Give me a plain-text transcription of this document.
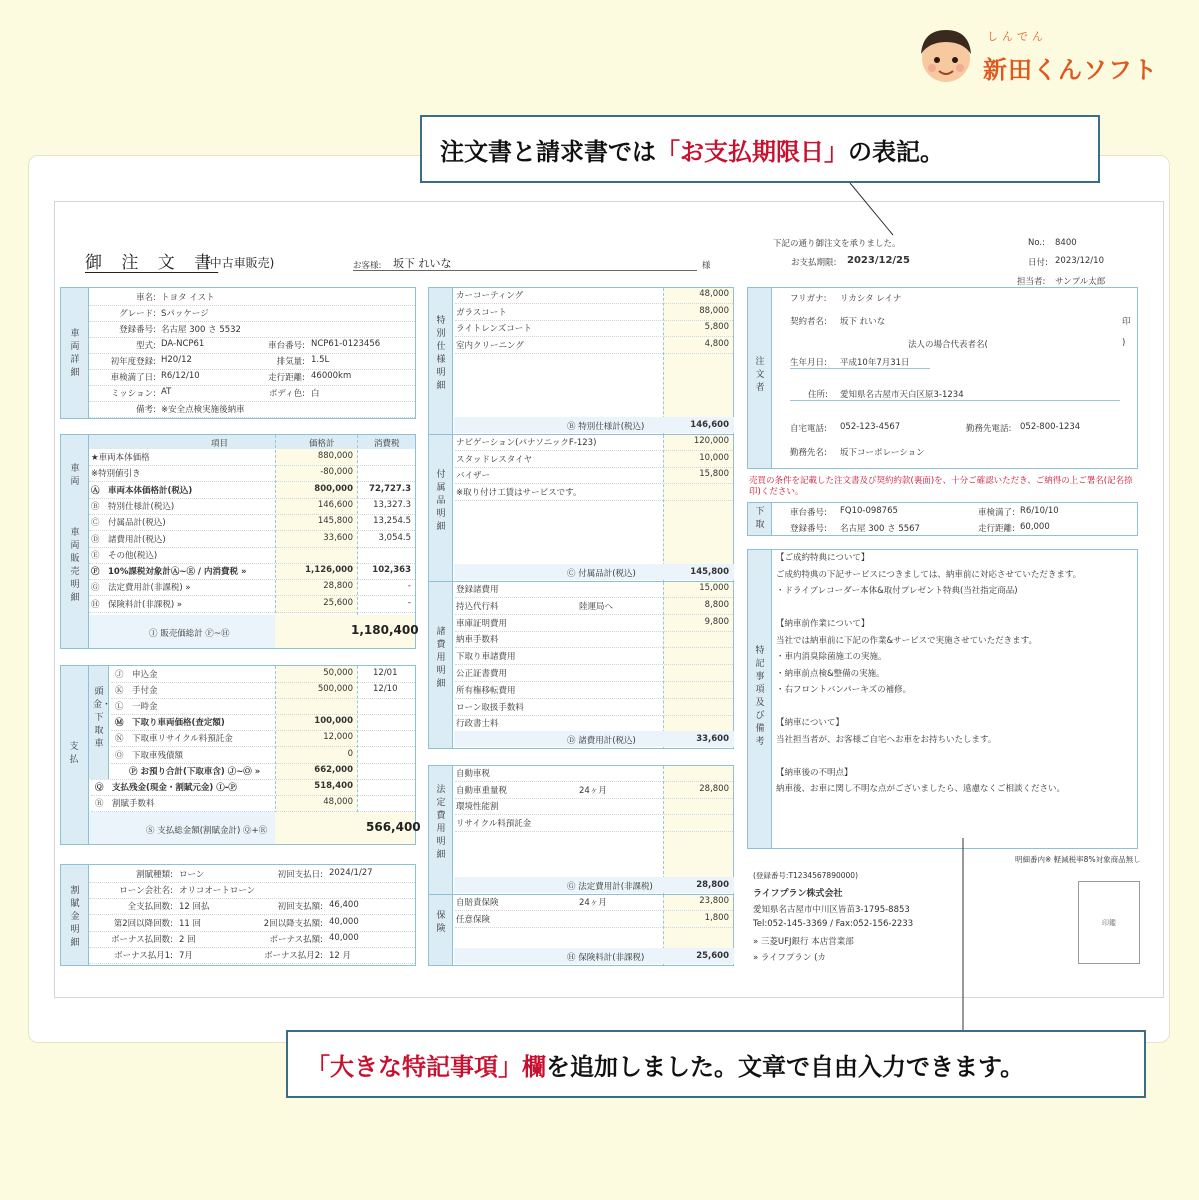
しんでん
新田くんソフト
御 注 文 書
(中古車販売)	お客様: 坂下 れいな	様
下記の通り御注文を承りました。	No.: 8400
お支払期限: 2023/12/25	日付: 2023/12/10
担当者: サンプル太郎
車両詳細
車名: トヨタ イスト
グレード: Sパッケージ
登録番号: 名古屋 300 さ 5532
型式: DA-NCP61	車台番号: NCP61-0123456
初年度登録: H20/12	排気量: 1.5L
車検満了日: R6/12/10	走行距離: 46000km
ミッション: AT	ボディ色: 白
備考: ※安全点検実施後納車
車両
車両販売明細
項目	価格計	消費税
★車両本体価格	880,000
※特別値引き	-80,000
Ⓐ　車両本体価格計(税込)	800,000	72,727.3
Ⓑ　特別仕様計(税込)	146,600	13,327.3
Ⓒ　付属品計(税込)	145,800	13,254.5
Ⓓ　諸費用計(税込)	33,600	3,054.5
Ⓔ　その他(税込)
Ⓕ　10%課税対象計Ⓐ~Ⓔ / 内消費税 »	1,126,000	102,363
Ⓖ　法定費用計(非課税) »	28,800	-
Ⓗ　保険料計(非課税) »	25,600	-
Ⓘ 販売価総計 Ⓕ~Ⓗ	1,180,400
支払
頭金・下取車
Ⓙ　申込金	50,000 12/01
Ⓚ　手付金	500,000 12/10
Ⓛ　一時金
Ⓜ　下取り車両価格(査定額)	100,000
Ⓝ　下取車リサイクル料預託金	12,000
Ⓞ　下取車残債額	0
Ⓟ お預り合計(下取車含) Ⓙ~Ⓞ »	662,000
Ⓠ　支払残金(現金・割賦元金) Ⓘ-Ⓟ	518,400
Ⓡ　割賦手数料	48,000
Ⓢ 支払総金額(割賦金計) Ⓠ+Ⓡ	566,400
割賦金明細
割賦種類: ローン	初回支払日: 2024/1/27
ローン会社名: オリコオートローン
全支払回数: 12 回払	初回支払額: 46,400
第2回以降回数: 11 回	2回以降支払額: 40,000
ボーナス払回数: 2 回	ボーナス払額: 40,000
ボーナス払月1: 7月	ボーナス払月2: 12 月
特別仕様明細
カーコーティング	48,000
ガラスコート	88,000
ライトレンズコート	5,800
室内クリーニング	4,800
Ⓑ 特別仕様計(税込)	146,600
付属品明細
ナビゲーション(パナソニックF-123)	120,000
スタッドレスタイヤ	10,000
バイザー	15,800
※取り付け工賃はサービスです。
Ⓒ 付属品計(税込)	145,800
諸費用明細
登録諸費用	15,000
持込代行料	陸運局へ	8,800
車庫証明費用	9,800
納車手数料
下取り車諸費用
公正証書費用
所有権移転費用
ローン取扱手数料
行政書士料
Ⓓ 諸費用計(税込)	33,600
法定費用明細
自動車税
自動車重量税	24ヶ月	28,800
環境性能割
リサイクル料預託金
Ⓖ 法定費用計(非課税)	28,800
保険
自賠責保険	24ヶ月	23,800
任意保険	1,800
Ⓗ 保険料計(非課税)	25,600
注文者
フリガナ: リカシタ レイナ
契約者名: 坂下 れいな	印
法人の場合代表者名(	)
生年月日: 平成10年7月31日
住所: 愛知県名古屋市天白区原3-1234
自宅電話: 052-123-4567	勤務先電話: 052-800-1234
勤務先名: 坂下コーポレーション
売買の条件を記載した注文書及び契約約款(裏面)を、十分ご確認いただき、ご納得の上ご署名(記名捺印)ください。
下取
車台番号: FQ10-098765	車検満了: R6/10/10
登録番号: 名古屋 300 さ 5567	走行距離: 60,000
特記事項及び備考
【ご成約特典について】
ご成約特典の下記サービスにつきましては、納車前に対応させていただきます。
・ドライブレコーダー本体&取付プレゼント特典(当社指定商品)
【納車前作業について】
当社では納車前に下記の作業&サービスで実施させていただきます。
・車内消臭除菌施工の実施。
・納車前点検&整備の実施。
・右フロントバンパーキズの補修。
【納車について】
当社担当者が、お客様ご自宅へお車をお持ちいたします。
【納車後の不明点】
納車後、お車に関し不明な点がございましたら、遠慮なくご相談ください。
明細番内※ 軽減税率8%対象商品無し
(登録番号:T1234567890000)
ライフプラン株式会社
愛知県名古屋市中川区皆苗3-1795-8853
Tel:052-145-3369 / Fax:052-156-2233
» 三菱UFJ銀行 本店営業部
» ライフプラン (カ
印鑑
注文書と請求書では 「お支払期限日」 の表記。
「大きな特記事項」欄 を追加しました。文章で自由入力できます。
